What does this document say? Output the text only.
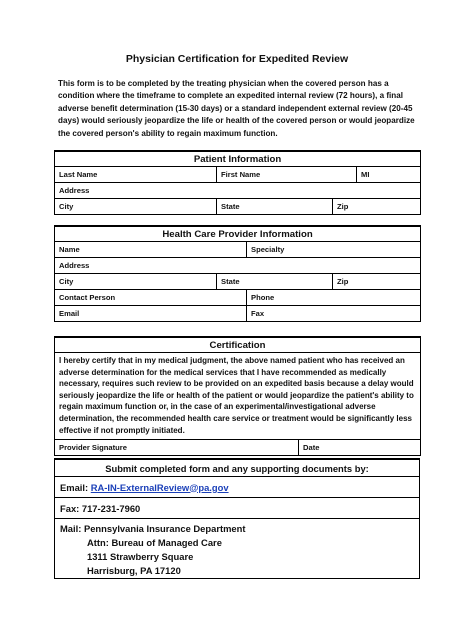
Physician Certification for Expedited Review
This form is to be completed by the treating physician when the covered person has a condition where the timeframe to complete an expedited internal review (72 hours), a final adverse benefit determination (15-30 days) or a standard independent external review (20-45 days) would seriously jeopardize the life or health of the covered person or would jeopardize the covered person's ability to regain maximum function.
Patient Information			
Last Name	First Name		MI
Address			
City	State	Zip	
Health Care Provider Information			
Name		Specialty	
Address			
City	State		Zip
Contact Person		Phone	
Email		Fax	
Certification
I hereby certify that in my medical judgment, the above named patient who has received an adverse determination for the medical services that I have recommended as medically necessary, requires such review to be provided on an expedited basis because a delay would seriously jeopardize the life or health of the patient or would jeopardize the patient's ability to regain maximum function or, in the case of an experimental/investigational adverse determination, the recommended health care service or treatment would be significantly less effective if not promptly initiated.
Provider Signature	Date
Submit completed form and any supporting documents by:
Email: RA-IN-ExternalReview@pa.gov
Fax: 717-231-7960
Mail: Pennsylvania Insurance Department
Attn: Bureau of Managed Care
1311 Strawberry Square
Harrisburg, PA 17120
